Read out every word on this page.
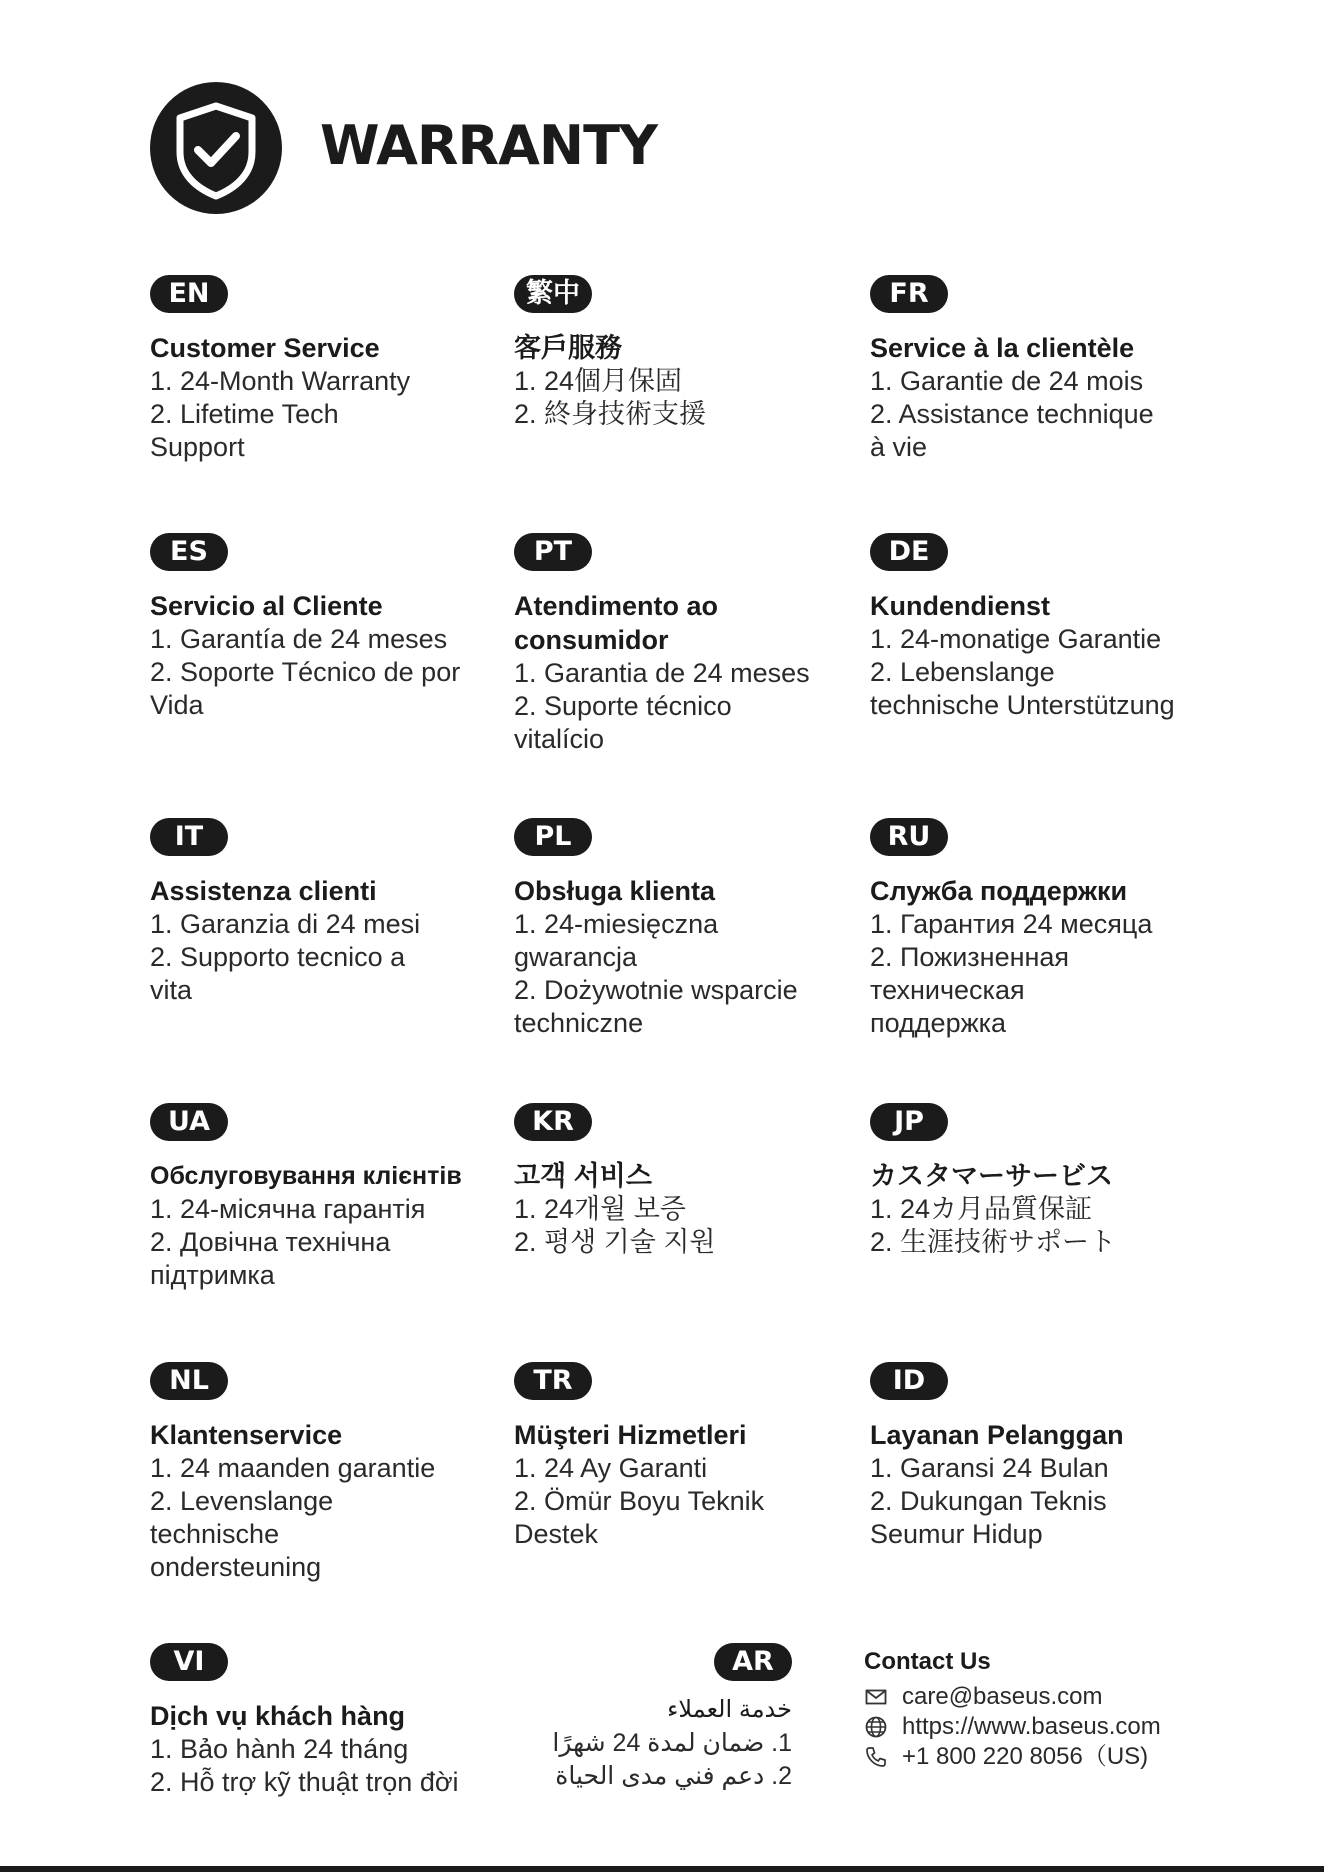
WARRANTY
EN
Customer Service
1. 24-Month Warranty
2. Lifetime Tech
Support
繁中
客戶服務
1. 24個月保固
2. 終身技術支援
FR
Service à la clientèle
1. Garantie de 24 mois
2. Assistance technique
à vie
ES
Servicio al Cliente
1. Garantía de 24 meses
2. Soporte Técnico de por
Vida
PT
Atendimento ao consumidor
1. Garantia de 24 meses
2. Suporte técnico
vitalício
DE
Kundendienst
1. 24-monatige Garantie
2. Lebenslange
technische Unterstützung
IT
Assistenza clienti
1. Garanzia di 24 mesi
2. Supporto tecnico a
vita
PL
Obsługa klienta
1. 24-miesięczna
gwarancja
2. Dożywotnie wsparcie
techniczne
RU
Служба поддержки
1. Гарантия 24 месяца
2. Пожизненная
техническая
поддержка
UA
Обслуговування клієнтів
1. 24-місячна гарантія
2. Довічна технічна
підтримка
KR
고객 서비스
1. 24개월 보증
2. 평생 기술 지원
JP
カスタマーサービス
1. 24カ月品質保証
2. 生涯技術サポート
NL
Klantenservice
1. 24 maanden garantie
2. Levenslange
technische
ondersteuning
TR
Müşteri Hizmetleri
1. 24 Ay Garanti
2. Ömür Boyu Teknik
Destek
ID
Layanan Pelanggan
1. Garansi 24 Bulan
2. Dukungan Teknis
Seumur Hidup
VI
Dịch vụ khách hàng
1. Bảo hành 24 tháng
2. Hỗ trợ kỹ thuật trọn đời
AR
خدمة العملاء
1. ضمان لمدة 24 شهرًا
2. دعم فني مدى الحياة
Contact Us
care@baseus.com
https://www.baseus.com
+1 800 220 8056（US)
